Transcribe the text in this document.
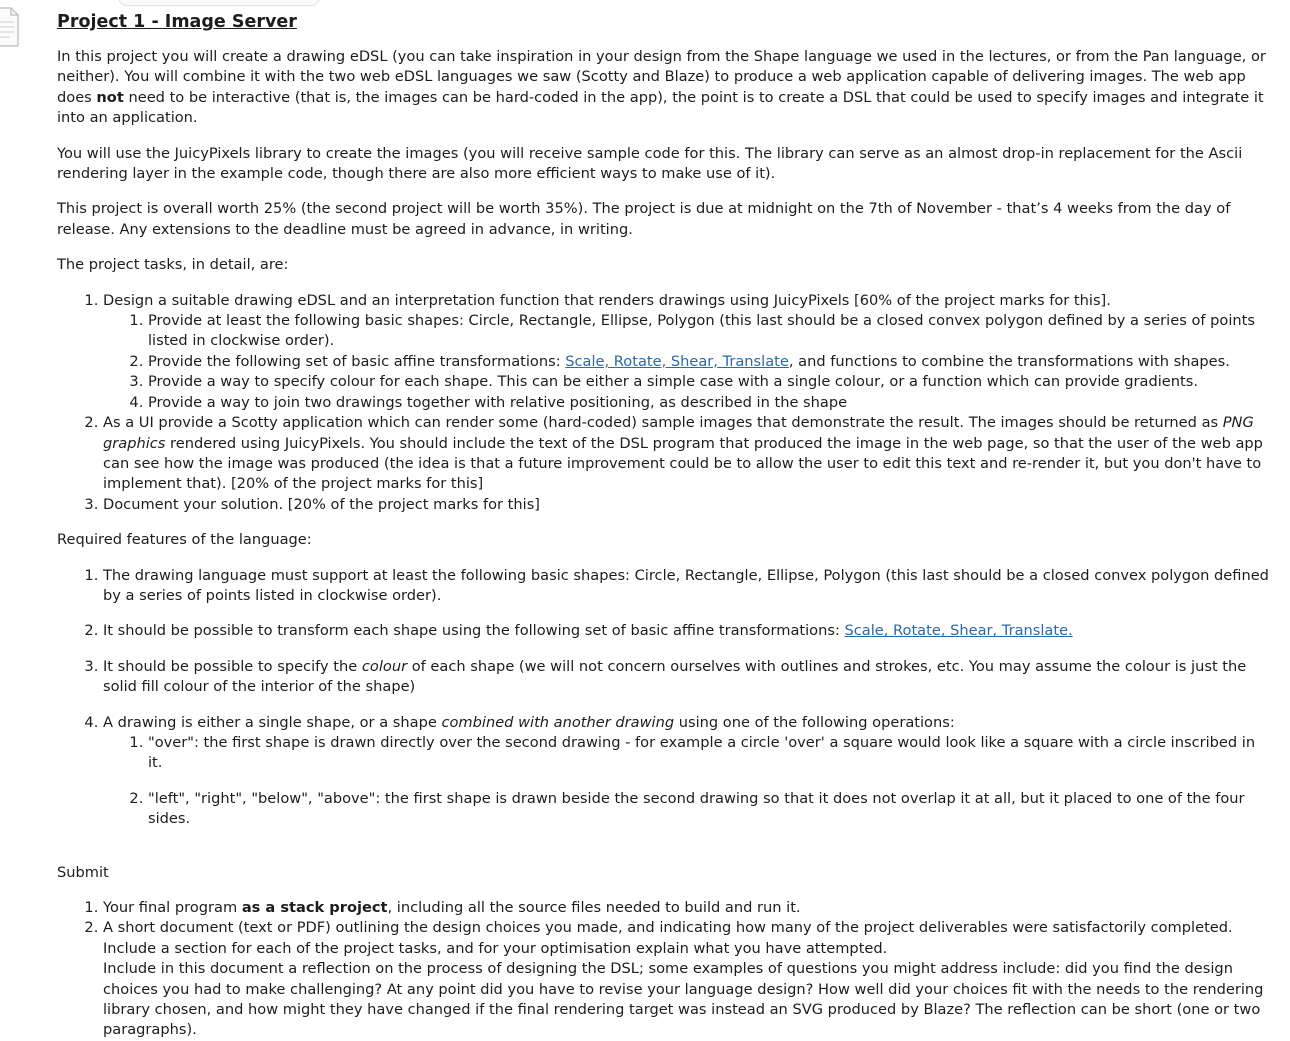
Project 1 - Image Server

In this project you will create a drawing eDSL (you can take inspiration in your design from the Shape language we used in the lectures, or from the Pan language, or neither). You will combine it with the two web eDSL languages we saw (Scotty and Blaze) to produce a web application capable of delivering images. The web app does not need to be interactive (that is, the images can be hard-coded in the app), the point is to create a DSL that could be used to specify images and integrate it into an application.

You will use the JuicyPixels library to create the images (you will receive sample code for this. The library can serve as an almost drop-in replacement for the Ascii rendering layer in the example code, though there are also more efficient ways to make use of it).

This project is overall worth 25% (the second project will be worth 35%). The project is due at midnight on the 7th of November - that’s 4 weeks from the day of release. Any extensions to the deadline must be agreed in advance, in writing.

The project tasks, in detail, are:

1. Design a suitable drawing eDSL and an interpretation function that renders drawings using JuicyPixels [60% of the project marks for this].
1. Provide at least the following basic shapes: Circle, Rectangle, Ellipse, Polygon (this last should be a closed convex polygon defined by a series of points listed in clockwise order).
2. Provide the following set of basic affine transformations: Scale, Rotate, Shear, Translate, and functions to combine the transformations with shapes.
3. Provide a way to specify colour for each shape. This can be either a simple case with a single colour, or a function which can provide gradients.
4. Provide a way to join two drawings together with relative positioning, as described in the shape
2. As a UI provide a Scotty application which can render some (hard-coded) sample images that demonstrate the result. The images should be returned as PNG graphics rendered using JuicyPixels. You should include the text of the DSL program that produced the image in the web page, so that the user of the web app can see how the image was produced (the idea is that a future improvement could be to allow the user to edit this text and re-render it, but you don't have to implement that). [20% of the project marks for this]
3. Document your solution. [20% of the project marks for this]

Required features of the language:

1. The drawing language must support at least the following basic shapes: Circle, Rectangle, Ellipse, Polygon (this last should be a closed convex polygon defined by a series of points listed in clockwise order).
2. It should be possible to transform each shape using the following set of basic affine transformations: Scale, Rotate, Shear, Translate.
3. It should be possible to specify the colour of each shape (we will not concern ourselves with outlines and strokes, etc. You may assume the colour is just the solid fill colour of the interior of the shape)
4. A drawing is either a single shape, or a shape combined with another drawing using one of the following operations:
1. "over": the first shape is drawn directly over the second drawing - for example a circle 'over' a square would look like a square with a circle inscribed in it.
2. "left", "right", "below", "above": the first shape is drawn beside the second drawing so that it does not overlap it at all, but it placed to one of the four sides.

Submit

1. Your final program as a stack project, including all the source files needed to build and run it.
2. A short document (text or PDF) outlining the design choices you made, and indicating how many of the project deliverables were satisfactorily completed. Include a section for each of the project tasks, and for your optimisation explain what you have attempted.
Include in this document a reflection on the process of designing the DSL; some examples of questions you might address include: did you find the design choices you had to make challenging? At any point did you have to revise your language design? How well did your choices fit with the needs to the rendering library chosen, and how might they have changed if the final rendering target was instead an SVG produced by Blaze? The reflection can be short (one or two paragraphs).
